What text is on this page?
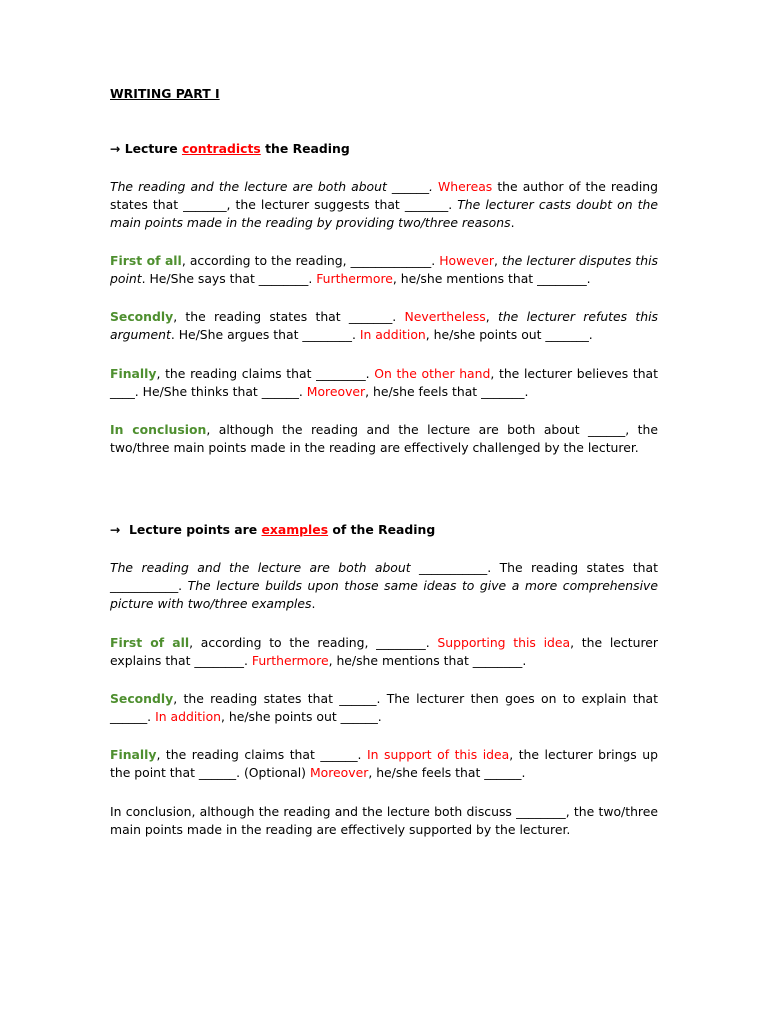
WRITING PART I
→ Lecture contradicts the Reading
The reading and the lecture are both about ______. Whereas the author of the reading states that _______, the lecturer suggests that _______. The lecturer casts doubt on the main points made in the reading by providing two/three reasons.
First of all, according to the reading, _____________. However, the lecturer disputes this point. He/She says that ________. Furthermore, he/she mentions that ________.
Secondly, the reading states that _______. Nevertheless, the lecturer refutes this argument. He/She argues that ________. In addition, he/she points out _______.
Finally, the reading claims that ________. On the other hand, the lecturer believes that ____. He/She thinks that ______. Moreover, he/she feels that _______.
In conclusion, although the reading and the lecture are both about ______, the two/three main points made in the reading are effectively challenged by the lecturer.
→ Lecture points are examples of the Reading
The reading and the lecture are both about ___________. The reading states that ___________. The lecture builds upon those same ideas to give a more comprehensive picture with two/three examples.
First of all, according to the reading, ________. Supporting this idea, the lecturer explains that ________. Furthermore, he/she mentions that ________.
Secondly, the reading states that ______. The lecturer then goes on to explain that ______. In addition, he/she points out ______.
Finally, the reading claims that ______. In support of this idea, the lecturer brings up the point that ______. (Optional) Moreover, he/she feels that ______.
In conclusion, although the reading and the lecture both discuss ________, the two/three main points made in the reading are effectively supported by the lecturer.
